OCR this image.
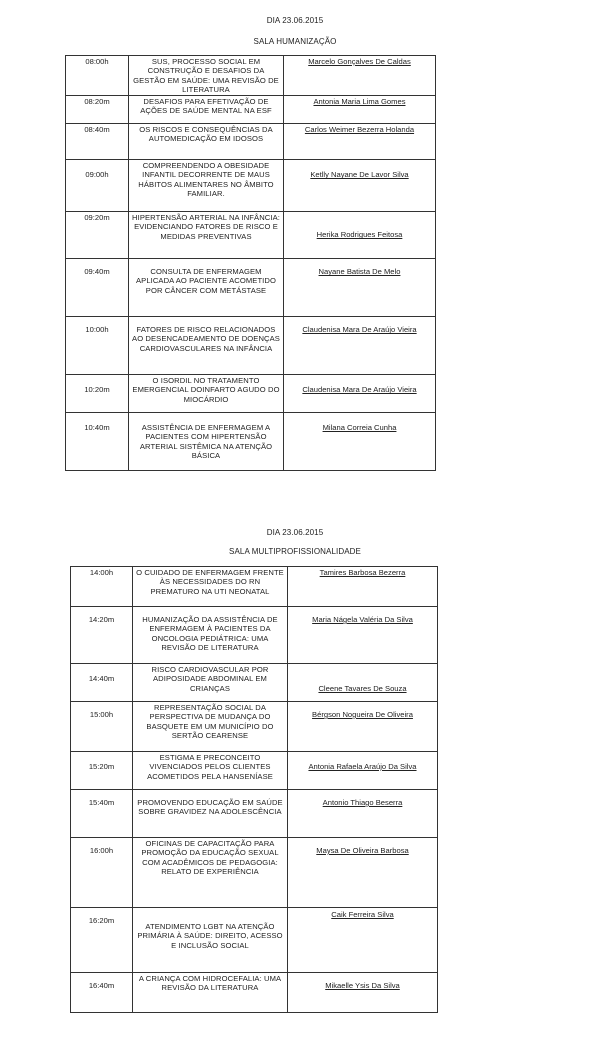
DIA 23.06.2015
SALA HUMANIZAÇÃO
08:00h	SUS, PROCESSO SOCIAL EM CONSTRUÇÃO E DESAFIOS DA GESTÃO EM SAÚDE: UMA REVISÃO DE LITERATURA	Marcelo Gonçalves De Caldas
08:20m	DESAFIOS PARA EFETIVAÇÃO DE AÇÕES DE SAÚDE MENTAL NA ESF	Antonia Maria Lima Gomes
08:40m	OS RISCOS E CONSEQUÊNCIAS DA AUTOMEDICAÇÃO EM IDOSOS	Carlos Weimer Bezerra Holanda
09:00h	COMPREENDENDO A OBESIDADE INFANTIL DECORRENTE DE MAUS HÁBITOS ALIMENTARES NO ÂMBITO FAMILIAR.	Ketlly Nayane De Lavor Silva
09:20m	HIPERTENSÃO ARTERIAL NA INFÂNCIA: EVIDENCIANDO FATORES DE RISCO E MEDIDAS PREVENTIVAS	Herika Rodrigues Feitosa
09:40m	CONSULTA DE ENFERMAGEM APLICADA AO PACIENTE ACOMETIDO POR CÂNCER COM METÁSTASE	Nayane Batista De Melo
10:00h	FATORES DE RISCO RELACIONADOS AO DESENCADEAMENTO DE DOENÇAS CARDIOVASCULARES NA INFÂNCIA	Claudenisa Mara De Araújo Vieira
10:20m	O ISORDIL NO TRATAMENTO EMERGENCIAL DOINFARTO AGUDO DO MIOCÁRDIO	Claudenisa Mara De Araújo Vieira
10:40m	ASSISTÊNCIA DE ENFERMAGEM A PACIENTES COM HIPERTENSÃO ARTERIAL SISTÊMICA NA ATENÇÃO BÁSICA	Milana Correia Cunha
DIA 23.06.2015
SALA MULTIPROFISSIONALIDADE
14:00h	O CUIDADO DE ENFERMAGEM FRENTE ÀS NECESSIDADES DO RN PREMATURO NA UTI NEONATAL	Tamires Barbosa Bezerra
14:20m	HUMANIZAÇÃO DA ASSISTÊNCIA DE ENFERMAGEM À PACIENTES DA ONCOLOGIA PEDIÁTRICA: UMA REVISÃO DE LITERATURA	Maria Nágela Valéria Da Silva
14:40m	RISCO CARDIOVASCULAR POR ADIPOSIDADE ABDOMINAL EM CRIANÇAS	Cleene Tavares De Souza
15:00h	REPRESENTAÇÃO SOCIAL DA PERSPECTIVA DE MUDANÇA DO BASQUETE EM UM MUNICÍPIO DO SERTÃO CEARENSE	Bérgson Nogueira De Oliveira
15:20m	ESTIGMA E PRECONCEITO VIVENCIADOS PELOS CLIENTES ACOMETIDOS PELA HANSENÍASE	Antonia Rafaela Araújo Da Silva
15:40m	PROMOVENDO EDUCAÇÃO EM SAÚDE SOBRE GRAVIDEZ NA ADOLESCÊNCIA	Antonio Thiago Beserra
16:00h	OFICINAS DE CAPACITAÇÃO PARA PROMOÇÃO DA EDUCAÇÃO SEXUAL COM ACADÊMICOS DE PEDAGOGIA: RELATO DE EXPERIÊNCIA	Maysa De Oliveira Barbosa
16:20m	ATENDIMENTO LGBT NA ATENÇÃO PRIMÁRIA À SAÚDE: DIREITO, ACESSO E INCLUSÃO SOCIAL	Caik Ferreira Silva
16:40m	A CRIANÇA COM HIDROCEFALIA: UMA REVISÃO DA LITERATURA	Mikaelle Ysis Da Silva
